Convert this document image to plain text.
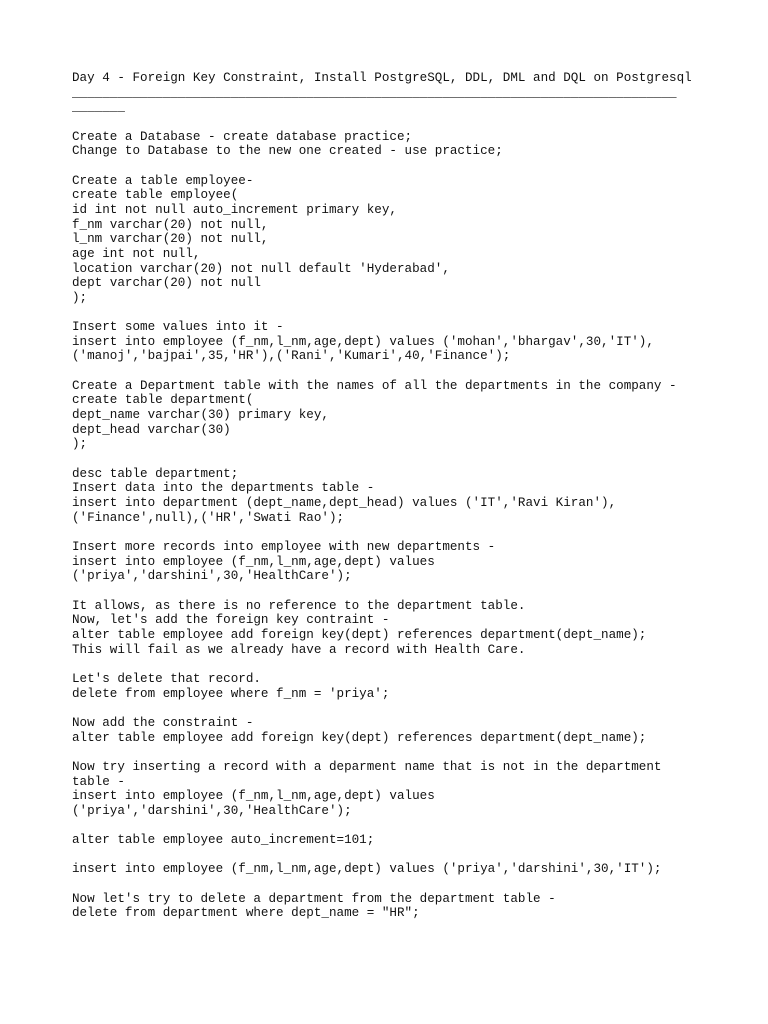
Day 4 - Foreign Key Constraint, Install PostgreSQL, DDL, DML and DQL on Postgresql
________________________________________________________________________________
_______
Create a Database - create database practice;
Change to Database to the new one created - use practice;
Create a table employee-
create table employee(
id int not null auto_increment primary key,
f_nm varchar(20) not null,
l_nm varchar(20) not null,
age int not null,
location varchar(20) not null default 'Hyderabad',
dept varchar(20) not null
);
Insert some values into it -
insert into employee (f_nm,l_nm,age,dept) values ('mohan','bhargav',30,'IT'),
('manoj','bajpai',35,'HR'),('Rani','Kumari',40,'Finance');
Create a Department table with the names of all the departments in the company -
create table department(
dept_name varchar(30) primary key,
dept_head varchar(30)
);
desc table department;
Insert data into the departments table -
insert into department (dept_name,dept_head) values ('IT','Ravi Kiran'),
('Finance',null),('HR','Swati Rao');
Insert more records into employee with new departments -
insert into employee (f_nm,l_nm,age,dept) values
('priya','darshini',30,'HealthCare');
It allows, as there is no reference to the department table.
Now, let's add the foreign key contraint -
alter table employee add foreign key(dept) references department(dept_name);
This will fail as we already have a record with Health Care.
Let's delete that record.
delete from employee where f_nm = 'priya';
Now add the constraint -
alter table employee add foreign key(dept) references department(dept_name);
Now try inserting a record with a deparment name that is not in the department
table -
insert into employee (f_nm,l_nm,age,dept) values
('priya','darshini',30,'HealthCare');
alter table employee auto_increment=101;
insert into employee (f_nm,l_nm,age,dept) values ('priya','darshini',30,'IT');
Now let's try to delete a department from the department table -
delete from department where dept_name = "HR";
